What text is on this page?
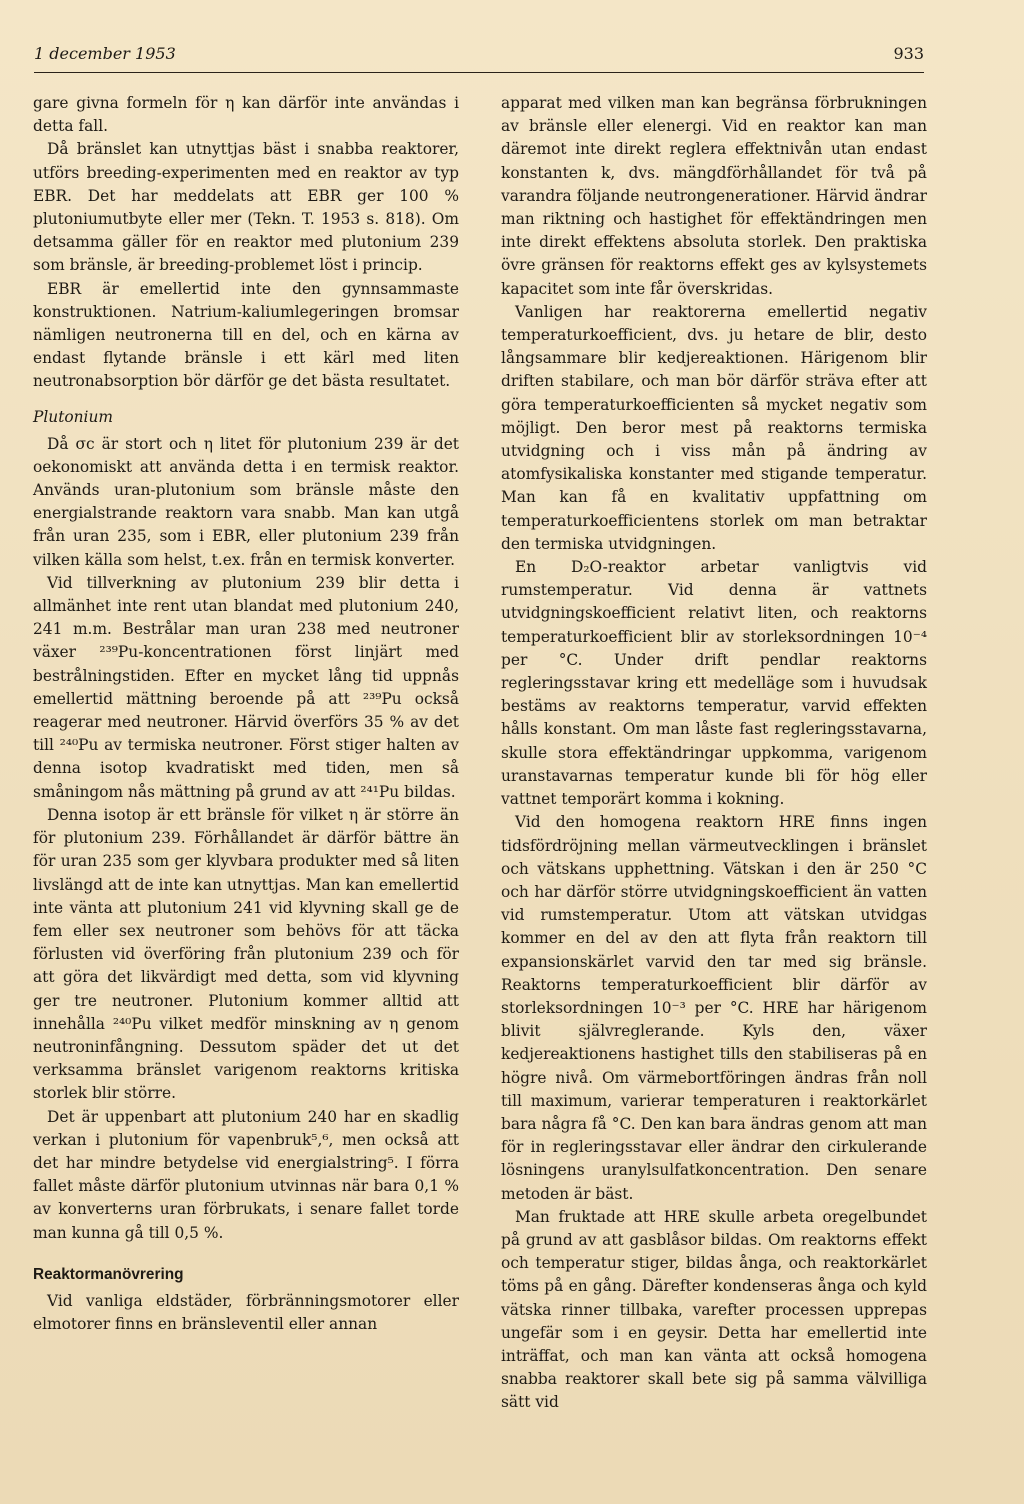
1 december 1953	933

gare givna formeln för η kan därför inte användas i detta fall.

Då bränslet kan utnyttjas bäst i snabba reaktorer, utförs breeding-experimenten med en reaktor av typ EBR. Det har meddelats att EBR ger 100 % plutoniumutbyte eller mer (Tekn. T. 1953 s. 818). Om detsamma gäller för en reaktor med plutonium 239 som bränsle, är breeding-problemet löst i princip.

EBR är emellertid inte den gynnsammaste konstruktionen. Natrium-kaliumlegeringen bromsar nämligen neutronerna till en del, och en kärna av endast flytande bränsle i ett kärl med liten neutronabsorption bör därför ge det bästa resultatet.

Plutonium

Då σc är stort och η litet för plutonium 239 är det oekonomiskt att använda detta i en termisk reaktor. Används uran-plutonium som bränsle måste den energialstrande reaktorn vara snabb. Man kan utgå från uran 235, som i EBR, eller plutonium 239 från vilken källa som helst, t.ex. från en termisk konverter.

Vid tillverkning av plutonium 239 blir detta i allmänhet inte rent utan blandat med plutonium 240, 241 m.m. Bestrålar man uran 238 med neutroner växer ²³⁹Pu-koncentrationen först linjärt med bestrålningstiden. Efter en mycket lång tid uppnås emellertid mättning beroende på att ²³⁹Pu också reagerar med neutroner. Härvid överförs 35 % av det till ²⁴⁰Pu av termiska neutroner. Först stiger halten av denna isotop kvadratiskt med tiden, men så småningom nås mättning på grund av att ²⁴¹Pu bildas.

Denna isotop är ett bränsle för vilket η är större än för plutonium 239. Förhållandet är därför bättre än för uran 235 som ger klyvbara produkter med så liten livslängd att de inte kan utnyttjas. Man kan emellertid inte vänta att plutonium 241 vid klyvning skall ge de fem eller sex neutroner som behövs för att täcka förlusten vid överföring från plutonium 239 och för att göra det likvärdigt med detta, som vid klyvning ger tre neutroner. Plutonium kommer alltid att innehålla ²⁴⁰Pu vilket medför minskning av η genom neutroninfångning. Dessutom späder det ut det verksamma bränslet varigenom reaktorns kritiska storlek blir större.

Det är uppenbart att plutonium 240 har en skadlig verkan i plutonium för vapenbruk⁵,⁶, men också att det har mindre betydelse vid energialstring⁵. I förra fallet måste därför plutonium utvinnas när bara 0,1 % av konverterns uran förbrukats, i senare fallet torde man kunna gå till 0,5 %.

Reaktormanövrering

Vid vanliga eldstäder, förbränningsmotorer eller elmotorer finns en bränsleventil eller annan

apparat med vilken man kan begränsa förbrukningen av bränsle eller elenergi. Vid en reaktor kan man däremot inte direkt reglera effektnivån utan endast konstanten k, dvs. mängdförhållandet för två på varandra följande neutrongenerationer. Härvid ändrar man riktning och hastighet för effektändringen men inte direkt effektens absoluta storlek. Den praktiska övre gränsen för reaktorns effekt ges av kylsystemets kapacitet som inte får överskridas.

Vanligen har reaktorerna emellertid negativ temperaturkoefficient, dvs. ju hetare de blir, desto långsammare blir kedjereaktionen. Härigenom blir driften stabilare, och man bör därför sträva efter att göra temperaturkoefficienten så mycket negativ som möjligt. Den beror mest på reaktorns termiska utvidgning och i viss mån på ändring av atomfysikaliska konstanter med stigande temperatur. Man kan få en kvalitativ uppfattning om temperaturkoefficientens storlek om man betraktar den termiska utvidgningen.

En D₂O-reaktor arbetar vanligtvis vid rumstemperatur. Vid denna är vattnets utvidgningskoefficient relativt liten, och reaktorns temperaturkoefficient blir av storleksordningen 10⁻⁴ per °C. Under drift pendlar reaktorns regleringsstavar kring ett medelläge som i huvudsak bestäms av reaktorns temperatur, varvid effekten hålls konstant. Om man låste fast regleringsstavarna, skulle stora effektändringar uppkomma, varigenom uranstavarnas temperatur kunde bli för hög eller vattnet temporärt komma i kokning.

Vid den homogena reaktorn HRE finns ingen tidsfördröjning mellan värmeutvecklingen i bränslet och vätskans upphettning. Vätskan i den är 250 °C och har därför större utvidgningskoefficient än vatten vid rumstemperatur. Utom att vätskan utvidgas kommer en del av den att flyta från reaktorn till expansionskärlet varvid den tar med sig bränsle. Reaktorns temperaturkoefficient blir därför av storleksordningen 10⁻³ per °C. HRE har härigenom blivit självreglerande. Kyls den, växer kedjereaktionens hastighet tills den stabiliseras på en högre nivå. Om värmebortföringen ändras från noll till maximum, varierar temperaturen i reaktorkärlet bara några få °C. Den kan bara ändras genom att man för in regleringsstavar eller ändrar den cirkulerande lösningens uranylsulfatkoncentration. Den senare metoden är bäst.

Man fruktade att HRE skulle arbeta oregelbundet på grund av att gasblåsor bildas. Om reaktorns effekt och temperatur stiger, bildas ånga, och reaktorkärlet töms på en gång. Därefter kondenseras ånga och kyld vätska rinner tillbaka, varefter processen upprepas ungefär som i en geysir. Detta har emellertid inte inträffat, och man kan vänta att också homogena snabba reaktorer skall bete sig på samma välvilliga sätt vid
